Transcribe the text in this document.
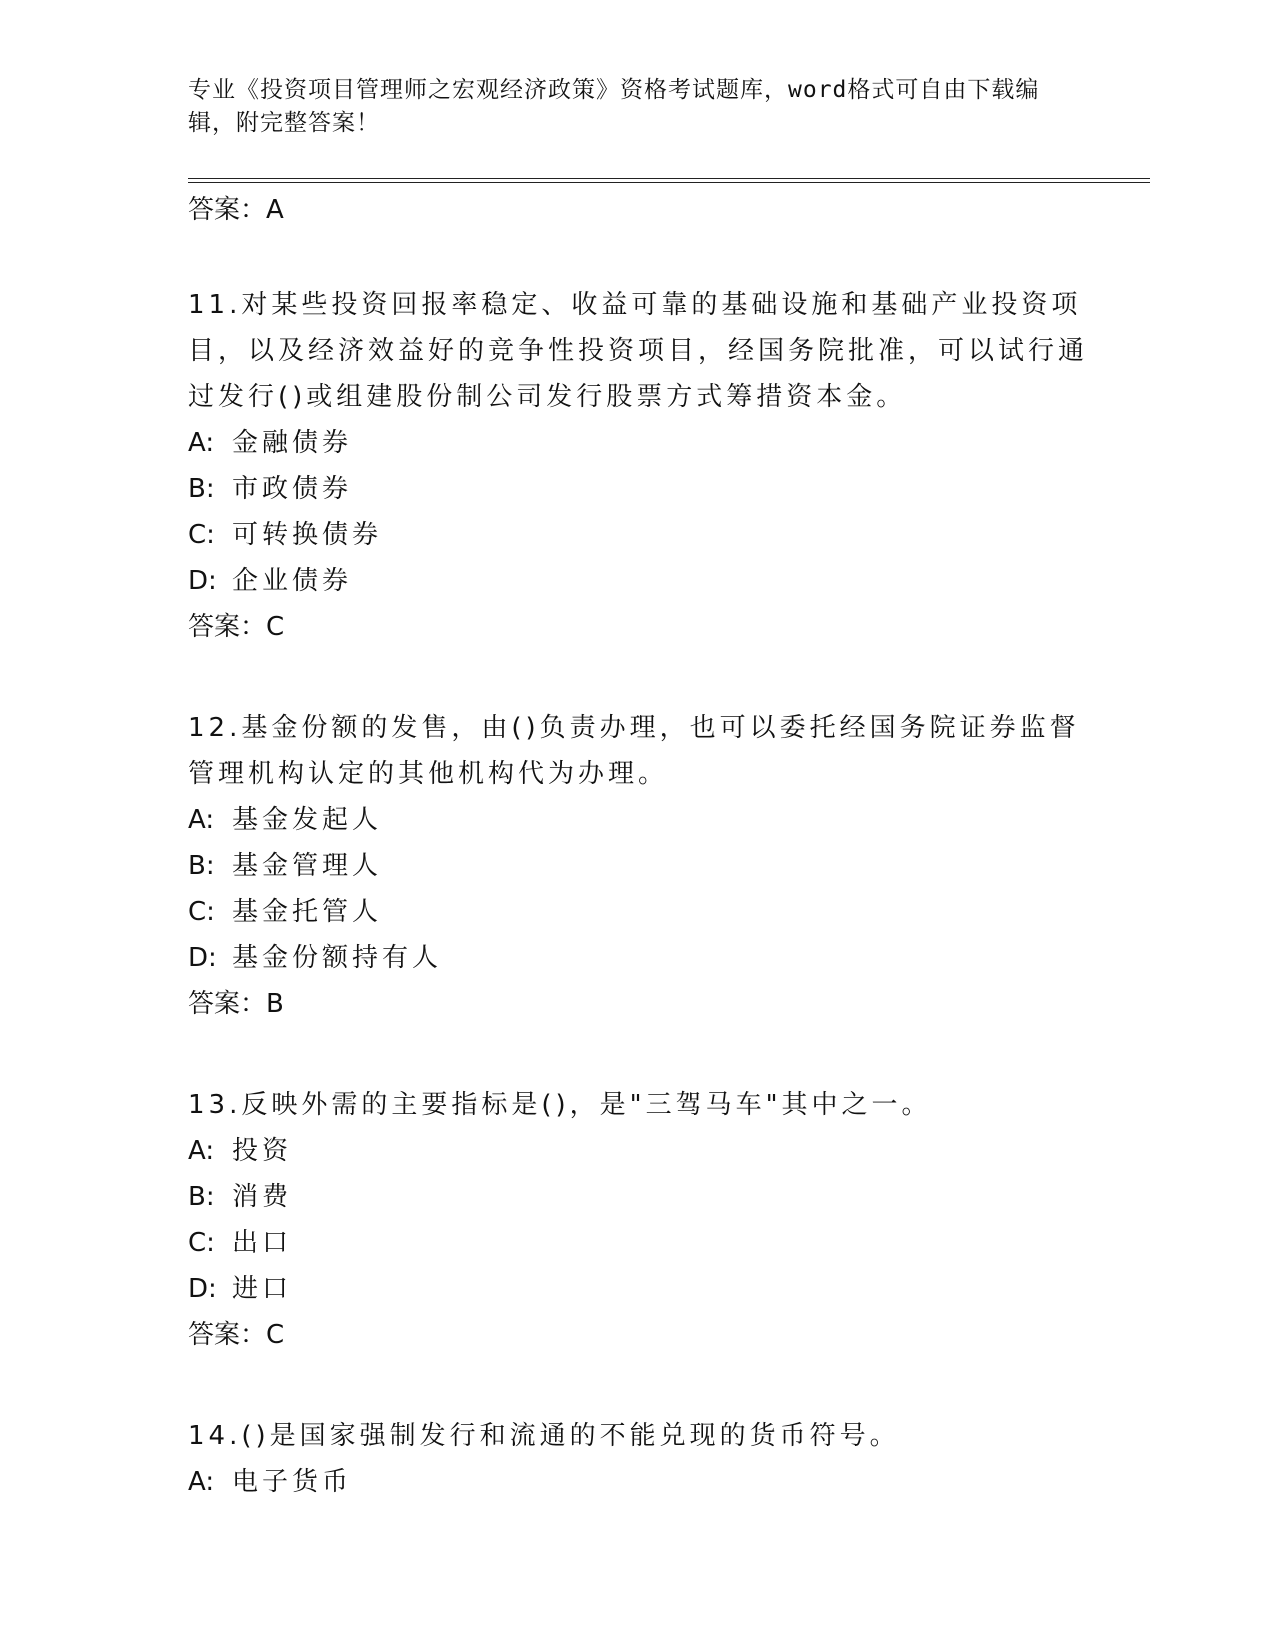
专业《投资项目管理师之宏观经济政策》资格考试题库，word格式可自由下载编辑，附完整答案！

答案：A

11.对某些投资回报率稳定、收益可靠的基础设施和基础产业投资项目，以及经济效益好的竞争性投资项目，经国务院批准，可以试行通过发行()或组建股份制公司发行股票方式筹措资本金。

A: 金融债券

B: 市政债券

C: 可转换债券

D: 企业债券

答案：C

12.基金份额的发售，由()负责办理，也可以委托经国务院证券监督管理机构认定的其他机构代为办理。

A: 基金发起人

B: 基金管理人

C: 基金托管人

D: 基金份额持有人

答案：B

13.反映外需的主要指标是()，是"三驾马车"其中之一。

A: 投资

B: 消费

C: 出口

D: 进口

答案：C

14.()是国家强制发行和流通的不能兑现的货币符号。

A: 电子货币
